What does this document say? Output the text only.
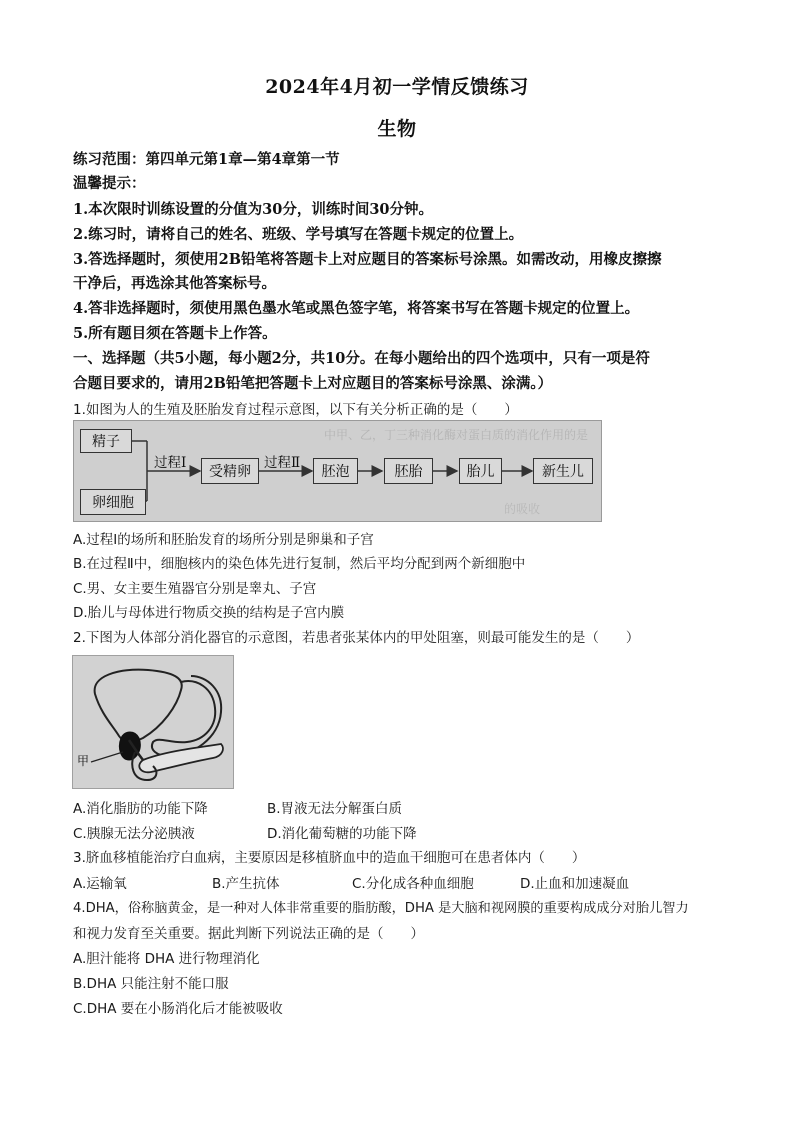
2024年4月初一学情反馈练习
生物
练习范围：第四单元第1章—第4章第一节
温馨提示：
1.本次限时训练设置的分值为30分，训练时间30分钟。
2.练习时，请将自己的姓名、班级、学号填写在答题卡规定的位置上。
3.答选择题时，须使用2B铅笔将答题卡上对应题目的答案标号涂黑。如需改动，用橡皮擦擦
干净后，再选涂其他答案标号。
4.答非选择题时，须使用黑色墨水笔或黑色签字笔，将答案书写在答题卡规定的位置上。
5.所有题目须在答题卡上作答。
一、选择题（共5小题，每小题2分，共10分。在每小题给出的四个选项中，只有一项是符
合题目要求的，请用2B铅笔把答题卡上对应题目的答案标号涂黑、涂满。）
1.如图为人的生殖及胚胎发育过程示意图，以下有关分析正确的是（　　）
中甲、乙，丁三种消化酶对蛋白质的消化作用的是
的吸收
精子
卵细胞
过程Ⅰ
受精卵
过程Ⅱ
胚泡	胚胎	胎儿	新生儿
A.过程Ⅰ的场所和胚胎发育的场所分别是卵巢和子宫
B.在过程Ⅱ中，细胞核内的染色体先进行复制，然后平均分配到两个新细胞中
C.男、女主要生殖器官分别是睾丸、子宫
D.胎儿与母体进行物质交换的结构是子宫内膜
2.下图为人体部分消化器官的示意图，若患者张某体内的甲处阻塞，则最可能发生的是（　　）
甲
A.消化脂肪的功能下降	B.胃液无法分解蛋白质
C.胰腺无法分泌胰液	D.消化葡萄糖的功能下降
3.脐血移植能治疗白血病，主要原因是移植脐血中的造血干细胞可在患者体内（　　）
A.运输氧	B.产生抗体	C.分化成各种血细胞	D.止血和加速凝血
4.DHA，俗称脑黄金，是一种对人体非常重要的脂肪酸，DHA 是大脑和视网膜的重要构成成分对胎儿智力
和视力发育至关重要。据此判断下列说法正确的是（　　）
A.胆汁能将 DHA 进行物理消化
B.DHA 只能注射不能口服
C.DHA 要在小肠消化后才能被吸收
